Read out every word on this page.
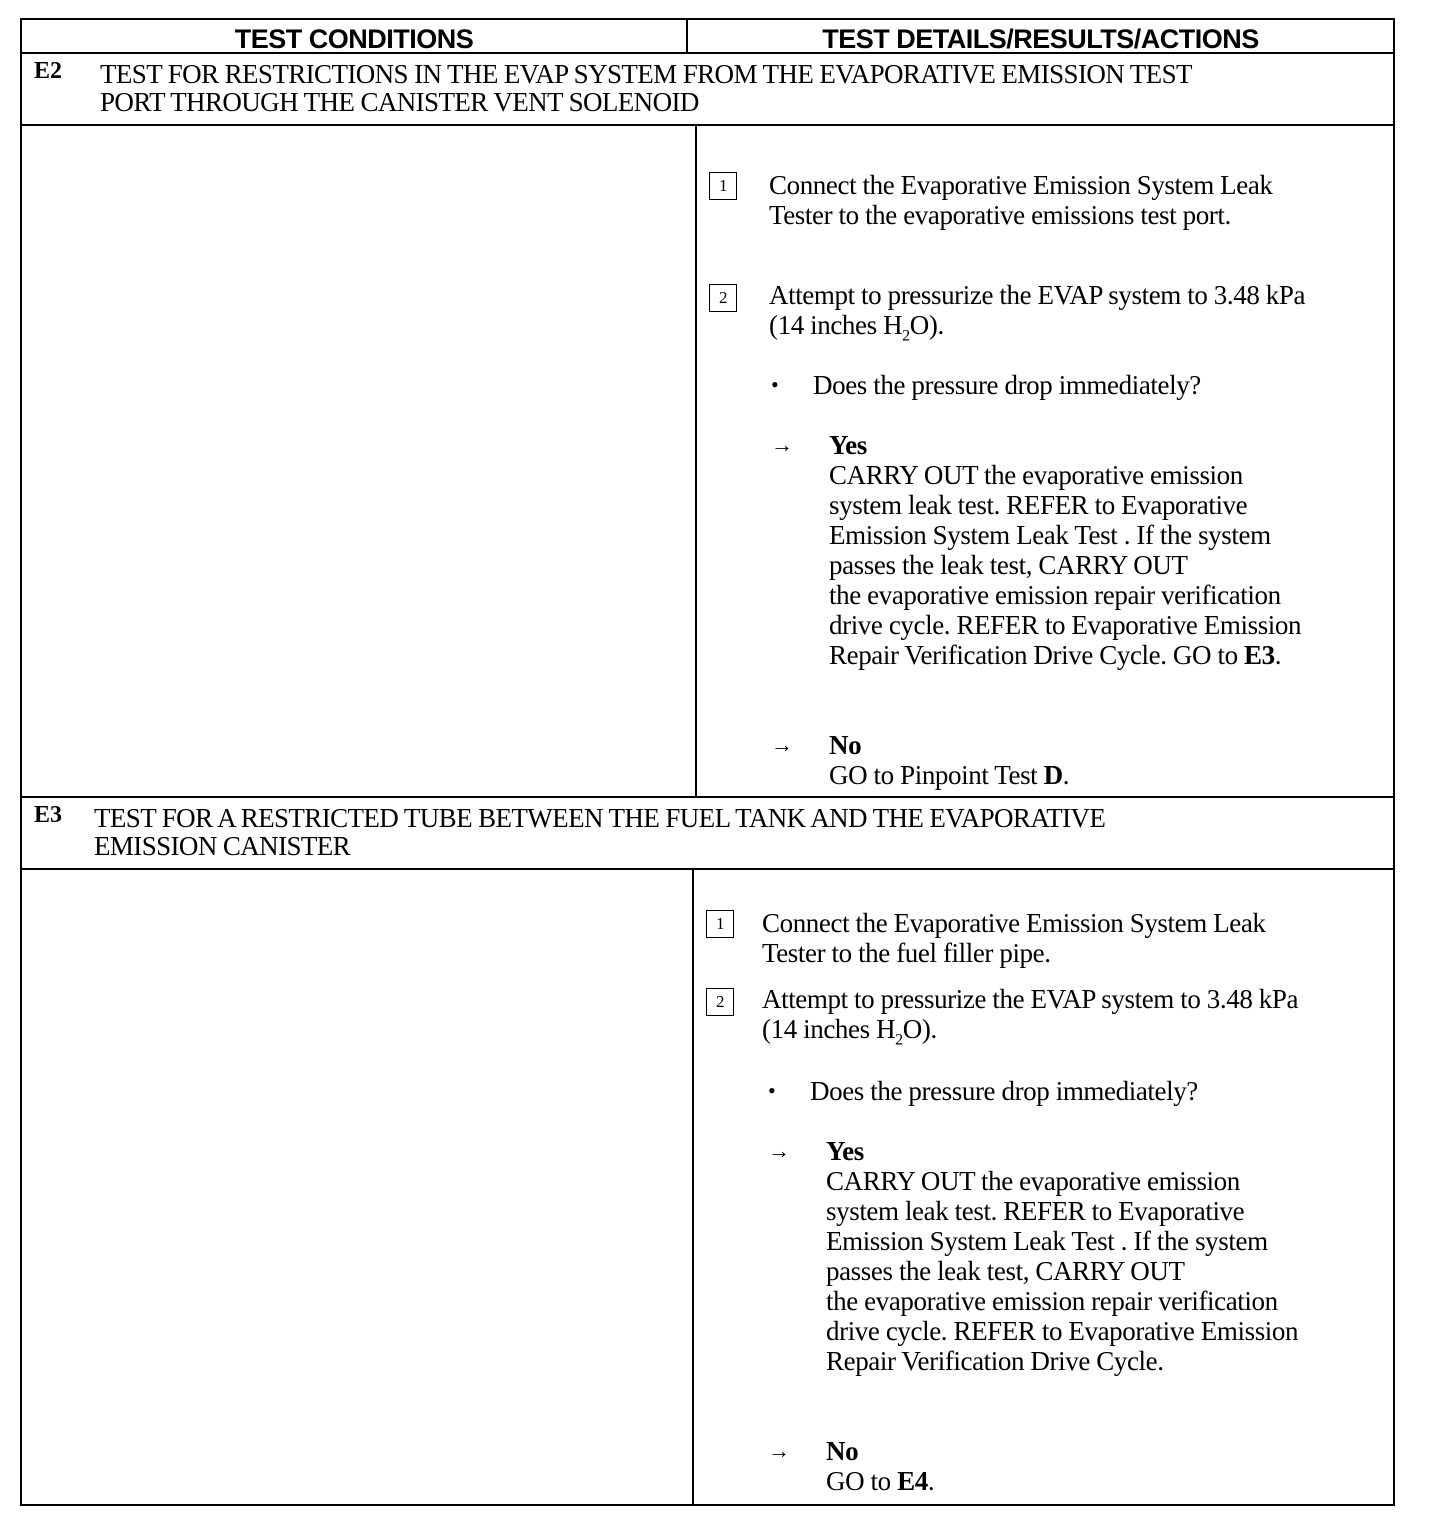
TEST CONDITIONS	TEST DETAILS/RESULTS/ACTIONS
E2 TEST FOR RESTRICTIONS IN THE EVAP SYSTEM FROM THE EVAPORATIVE EMISSION TEST
PORT THROUGH THE CANISTER VENT SOLENOID
1	Connect the Evaporative Emission System Leak
Tester to the evaporative emissions test port.
2	Attempt to pressurize the EVAP system to 3.48 kPa
(14 inches $H_2O$).
• Does the pressure drop immediately?
→ Yes
CARRY OUT the evaporative emission
system leak test. REFER to Evaporative
Emission System Leak Test . If the system
passes the leak test, CARRY OUT
the evaporative emission repair verification
drive cycle. REFER to Evaporative Emission
Repair Verification Drive Cycle. GO to E3.
→ No
GO to Pinpoint Test D.
E3 TEST FOR A RESTRICTED TUBE BETWEEN THE FUEL TANK AND THE EVAPORATIVE
EMISSION CANISTER
1	Connect the Evaporative Emission System Leak
Tester to the fuel filler pipe.
2	Attempt to pressurize the EVAP system to 3.48 kPa
(14 inches $H_2O$).
• Does the pressure drop immediately?
→ Yes
CARRY OUT the evaporative emission
system leak test. REFER to Evaporative
Emission System Leak Test . If the system
passes the leak test, CARRY OUT
the evaporative emission repair verification
drive cycle. REFER to Evaporative Emission
Repair Verification Drive Cycle.
→ No
GO to E4.
